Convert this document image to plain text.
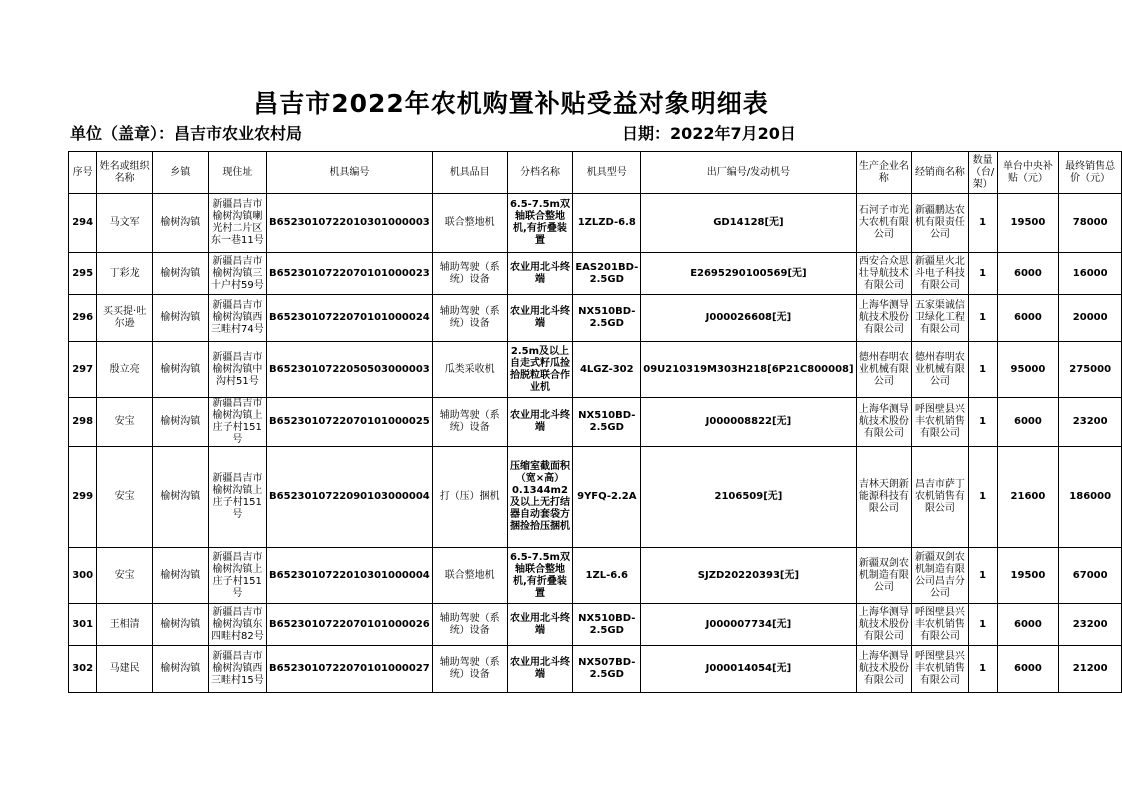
昌吉市2022年农机购置补贴受益对象明细表
单位（盖章）：昌吉市农业农村局	日期：2022年7月20日
序号	姓名或组织名称	乡镇	现住址	机具编号	机具品目	分档名称	机具型号	出厂编号/发动机号	生产企业名称	经销商名称	数量（台/架）	单台中央补贴（元）	最终销售总价（元）
294	马文军	榆树沟镇	新疆昌吉市榆树沟镇喇光村二片区东一巷11号	B6523010722010301000003	联合整地机	6.5-7.5m双轴联合整地机,有折叠装置	1ZLZD-6.8	GD14128[无]	石河子市光大农机有限公司	新疆鹏达农机有限责任公司	1	19500	78000
295	丁彩龙	榆树沟镇	新疆昌吉市榆树沟镇三十户村59号	B6523010722070101000023	辅助驾驶（系统）设备	农业用北斗终端	EAS201BD-2.5GD	E2695290100569[无]	西安合众思壮导航技术有限公司	新疆星火北斗电子科技有限公司	1	6000	16000
296	买买提·吐尔逊	榆树沟镇	新疆昌吉市榆树沟镇西三畦村74号	B6523010722070101000024	辅助驾驶（系统）设备	农业用北斗终端	NX510BD-2.5GD	J000026608[无]	上海华测导航技术股份有限公司	五家渠诚信卫绿化工程有限公司	1	6000	20000
297	殷立亮	榆树沟镇	新疆昌吉市榆树沟镇中沟村51号	B6523010722050503000003	瓜类采收机	2.5m及以上自走式籽瓜捡拾脱粒联合作业机	4LGZ-302	09U210319M303H218[6P21C800008]	德州春明农业机械有限公司	德州春明农业机械有限公司	1	95000	275000
298	安宝	榆树沟镇	新疆昌吉市榆树沟镇上庄子村151号	B6523010722070101000025	辅助驾驶（系统）设备	农业用北斗终端	NX510BD-2.5GD	J000008822[无]	上海华测导航技术股份有限公司	呼图壁县兴丰农机销售有限公司	1	6000	23200
299	安宝	榆树沟镇	新疆昌吉市榆树沟镇上庄子村151号	B6523010722090103000004	打（压）捆机	压缩室截面积（宽×高）0.1344m2及以上无打结器自动套袋方捆捡拾压捆机	9YFQ-2.2A	2106509[无]	吉林天朗新能源科技有限公司	昌吉市萨丁农机销售有限公司	1	21600	186000
300	安宝	榆树沟镇	新疆昌吉市榆树沟镇上庄子村151号	B6523010722010301000004	联合整地机	6.5-7.5m双轴联合整地机,有折叠装置	1ZL-6.6	SJZD20220393[无]	新疆双剑农机制造有限公司	新疆双剑农机制造有限公司昌吉分公司	1	19500	67000
301	王相清	榆树沟镇	新疆昌吉市榆树沟镇东四畦村82号	B6523010722070101000026	辅助驾驶（系统）设备	农业用北斗终端	NX510BD-2.5GD	J000007734[无]	上海华测导航技术股份有限公司	呼图壁县兴丰农机销售有限公司	1	6000	23200
302	马建民	榆树沟镇	新疆昌吉市榆树沟镇西三畦村15号	B6523010722070101000027	辅助驾驶（系统）设备	农业用北斗终端	NX507BD-2.5GD	J000014054[无]	上海华测导航技术股份有限公司	呼图壁县兴丰农机销售有限公司	1	6000	21200
